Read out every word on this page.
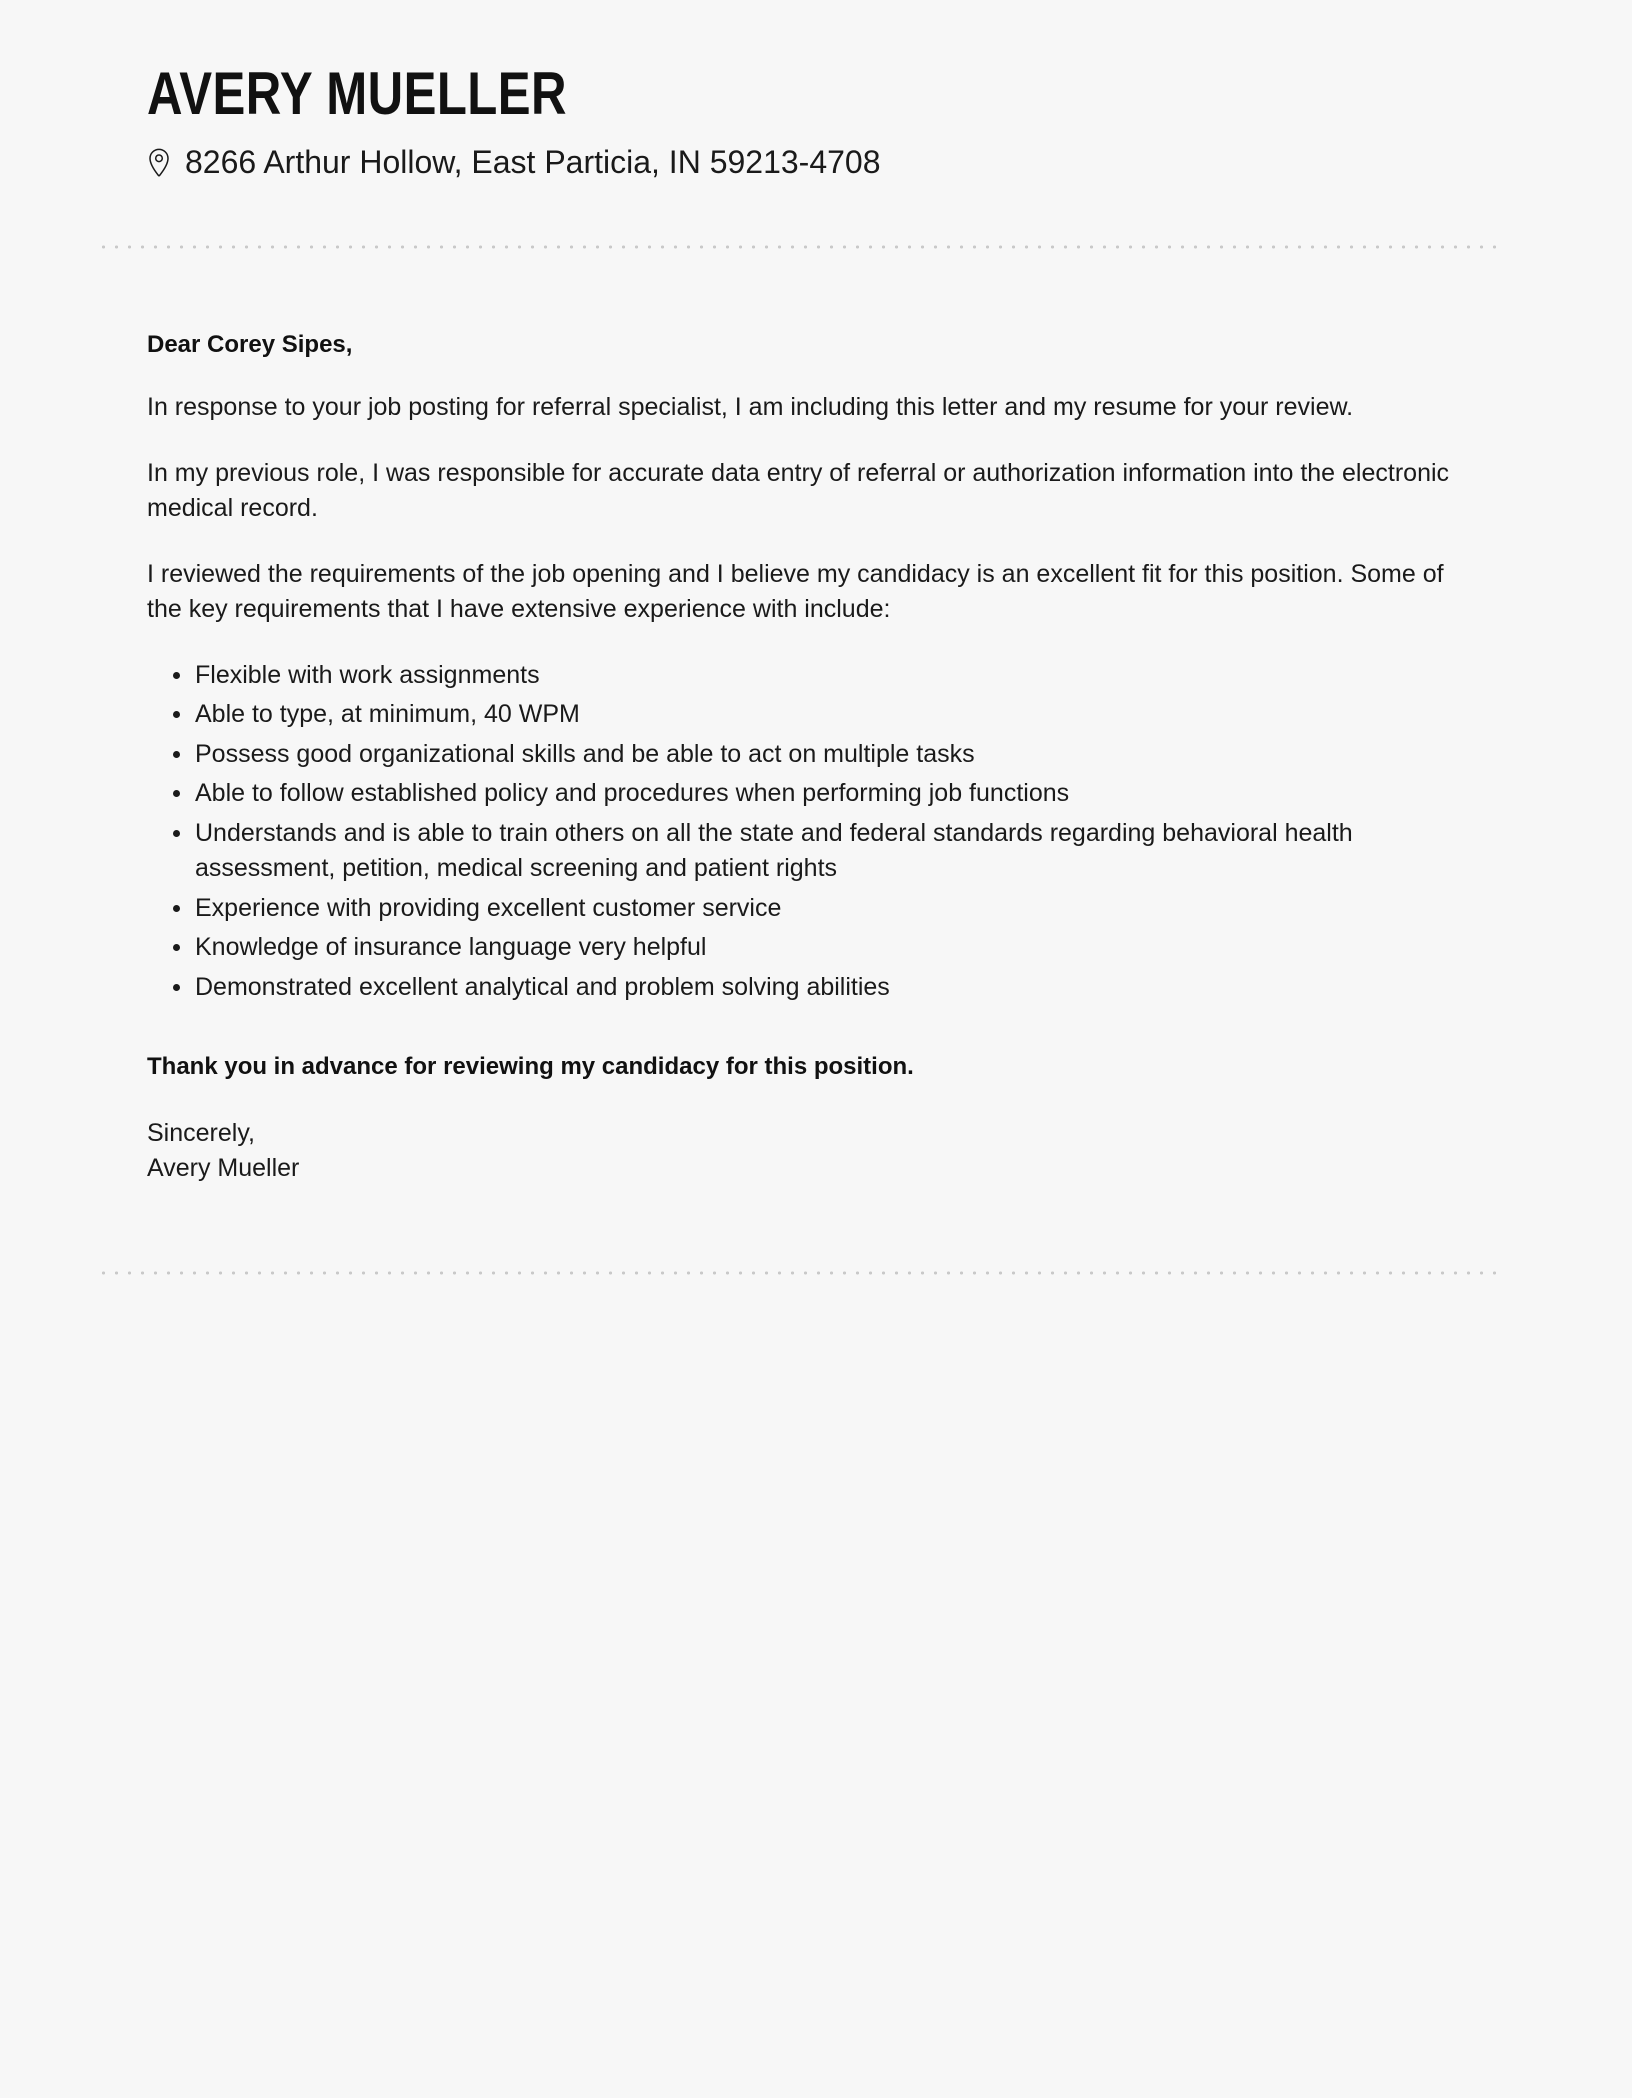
AVERY MUELLER
8266 Arthur Hollow, East Particia, IN 59213-4708

Dear Corey Sipes,

In response to your job posting for referral specialist, I am including this letter and my resume for your review.

In my previous role, I was responsible for accurate data entry of referral or authorization information into the electronic medical record.

I reviewed the requirements of the job opening and I believe my candidacy is an excellent fit for this position. Some of the key requirements that I have extensive experience with include:

Flexible with work assignments
Able to type, at minimum, 40 WPM
Possess good organizational skills and be able to act on multiple tasks
Able to follow established policy and procedures when performing job functions
Understands and is able to train others on all the state and federal standards regarding behavioral health assessment, petition, medical screening and patient rights
Experience with providing excellent customer service
Knowledge of insurance language very helpful
Demonstrated excellent analytical and problem solving abilities

Thank you in advance for reviewing my candidacy for this position.

Sincerely,
Avery Mueller
